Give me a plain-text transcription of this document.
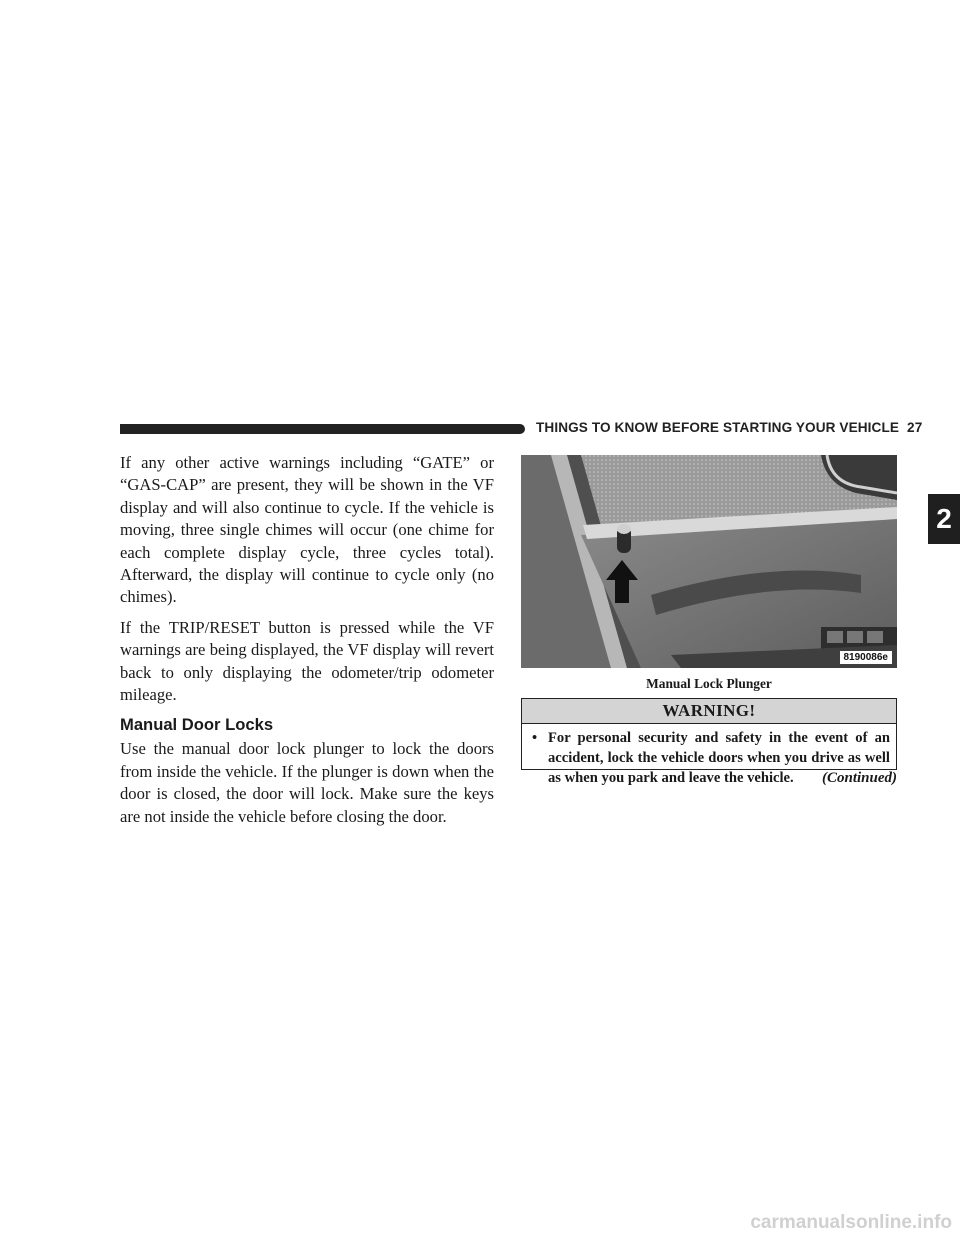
THINGS TO KNOW BEFORE STARTING YOUR VEHICLE 27
2

If any other active warnings including “GATE” or “GAS-CAP” are present, they will be shown in the VF display and will also continue to cycle. If the vehicle is moving, three single chimes will occur (one chime for each complete display cycle, three cycles total). Afterward, the display will continue to cycle only (no chimes).

If the TRIP/RESET button is pressed while the VF warnings are being displayed, the VF display will revert back to only displaying the odometer/trip odometer mileage.

Manual Door Locks

Use the manual door lock plunger to lock the doors from inside the vehicle. If the plunger is down when the door is closed, the door will lock. Make sure the keys are not inside the vehicle before closing the door.

8190086e
Manual Lock Plunger
WARNING!
• For personal security and safety in the event of an accident, lock the vehicle doors when you drive as well as when you park and leave the vehicle.	(Continued)
carmanualsonline.info
